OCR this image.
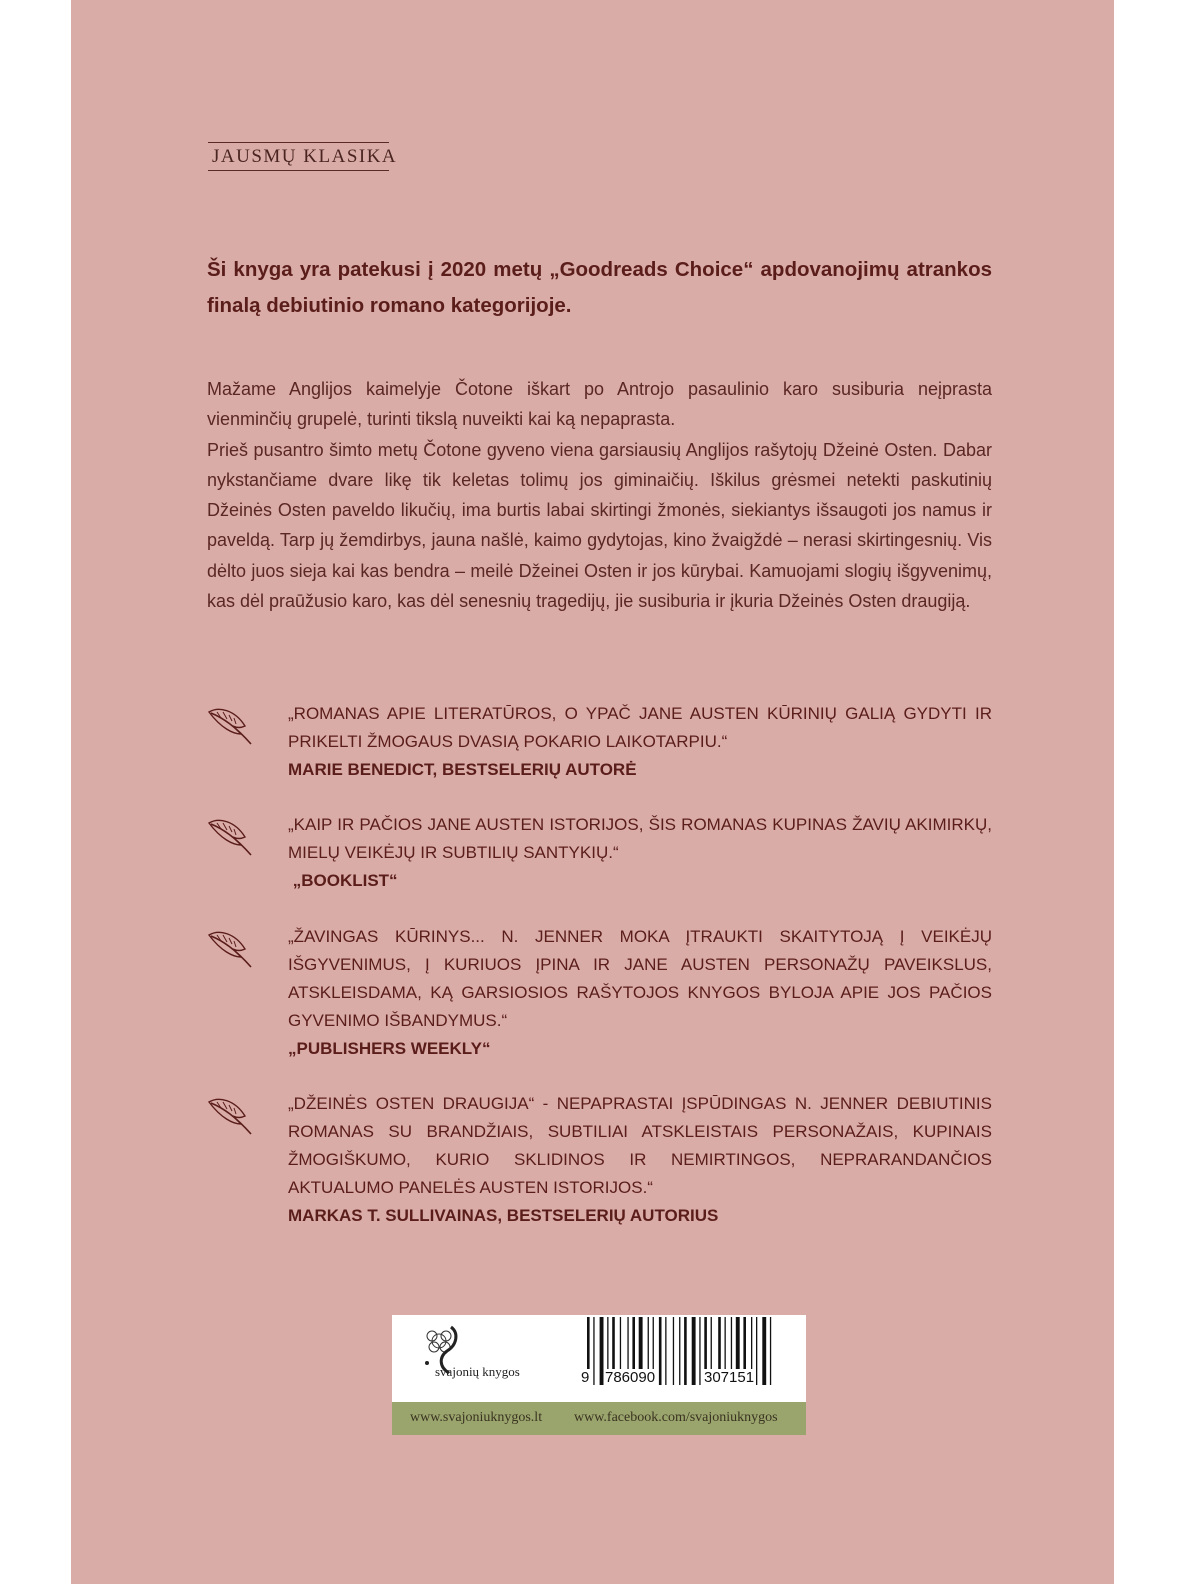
JAUSMŲ KLASIKA
Ši knyga yra patekusi į 2020 metų „Goodreads Choice“ apdovanojimų atrankos finalą debiutinio romano kategorijoje.

Mažame Anglijos kaimelyje Čotone iškart po Antrojo pasaulinio karo susiburia neįprasta vienminčių grupelė, turinti tikslą nuveikti kai ką nepaprasta.

Prieš pusantro šimto metų Čotone gyveno viena garsiausių Anglijos rašytojų Džeinė Osten. Dabar nykstančiame dvare likę tik keletas tolimų jos giminaičių. Iškilus grėsmei netekti paskutinių Džeinės Osten paveldo likučių, ima burtis labai skirtingi žmonės, siekiantys išsaugoti jos namus ir paveldą. Tarp jų žemdirbys, jauna našlė, kaimo gydytojas, kino žvaigždė – nerasi skirtingesnių. Vis dėlto juos sieja kai kas bendra – meilė Džeinei Osten ir jos kūrybai. Kamuojami slogių išgyvenimų, kas dėl praūžusio karo, kas dėl senesnių tragedijų, jie susiburia ir įkuria Džeinės Osten draugiją.

„ROMANAS APIE LITERATŪROS, O YPAČ JANE AUSTEN KŪRINIŲ GALIĄ GYDYTI IR PRIKELTI ŽMOGAUS DVASIĄ POKARIO LAIKOTARPIU.“
MARIE BENEDICT, BESTSELERIŲ AUTORĖ
„KAIP IR PAČIOS JANE AUSTEN ISTORIJOS, ŠIS ROMANAS KUPINAS ŽAVIŲ AKIMIRKŲ, MIELŲ VEIKĖJŲ IR SUBTILIŲ SANTYKIŲ.“
„BOOKLIST“
„ŽAVINGAS KŪRINYS... N. JENNER MOKA ĮTRAUKTI SKAITYTOJĄ Į VEIKĖJŲ IŠGYVENIMUS, Į KURIUOS ĮPINA IR JANE AUSTEN PERSONAŽŲ PAVEIKSLUS, ATSKLEISDAMA, KĄ GARSIOSIOS RAŠYTOJOS KNYGOS BYLOJA APIE JOS PAČIOS GYVENIMO IŠBANDYMUS.“
„PUBLISHERS WEEKLY“
„DŽEINĖS OSTEN DRAUGIJA“ - NEPAPRASTAI ĮSPŪDINGAS N. JENNER DEBIUTINIS ROMANAS SU BRANDŽIAIS, SUBTILIAI ATSKLEISTAIS PERSONAŽAIS, KUPINAIS ŽMOGIŠKUMO, KURIO SKLIDINOS IR NEMIRTINGOS, NEPRARANDANČIOS AKTUALUMO PANELĖS AUSTEN ISTORIJOS.“
MARKAS T. SULLIVAINAS, BESTSELERIŲ AUTORIUS
svajonių knygos	9 786090	307151
www.svajoniuknygos.lt www.facebook.com/svajoniuknygos
